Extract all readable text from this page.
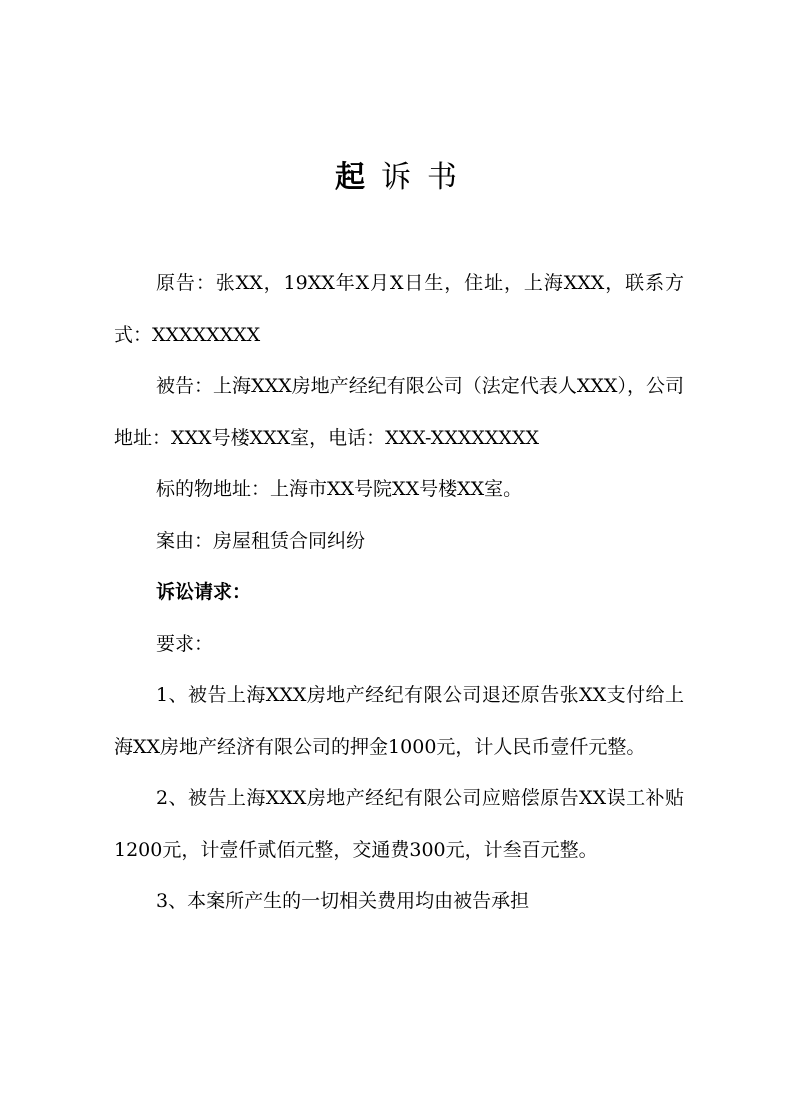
起 诉 书

原告：张XX，19XX年X月X日生，住址，上海XXX，联系方式：XXXXXXXX

被告：上海XXX房地产经纪有限公司（法定代表人XXX），公司地址：XXX号楼XXX室，电话：XXX-XXXXXXXX

标的物地址：上海市XX号院XX号楼XX室。

案由：房屋租赁合同纠纷

诉讼请求：

要求：

1、被告上海XXX房地产经纪有限公司退还原告张XX支付给上海XX房地产经济有限公司的押金1000元，计人民币壹仟元整。

2、被告上海XXX房地产经纪有限公司应赔偿原告XX误工补贴1200元，计壹仟贰佰元整，交通费300元，计叁百元整。

3、本案所产生的一切相关费用均由被告承担
